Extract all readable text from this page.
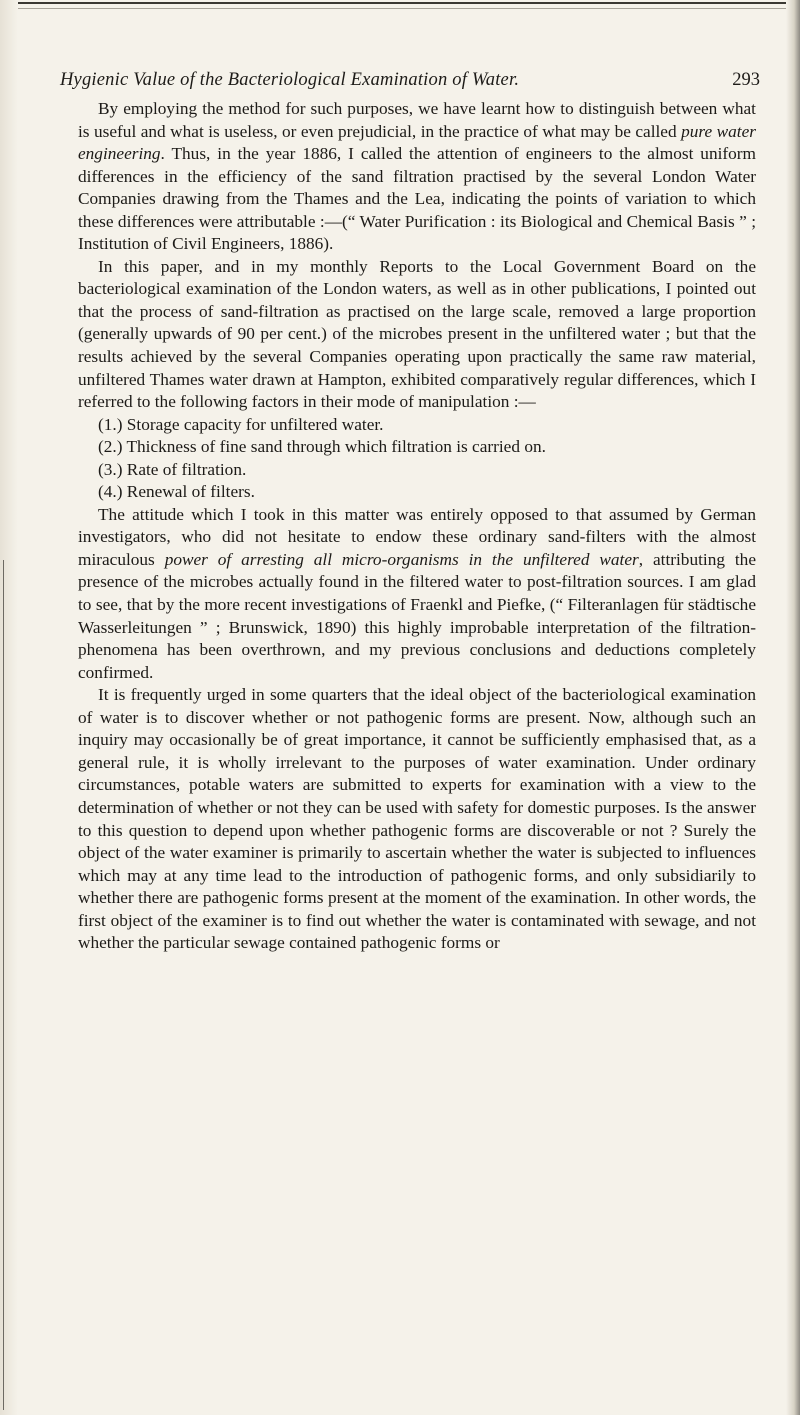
Hygienic Value of the Bacteriological Examination of Water.	293

By employing the method for such purposes, we have learnt how to distinguish between what is useful and what is useless, or even prejudicial, in the practice of what may be called pure water engineering. Thus, in the year 1886, I called the attention of engineers to the almost uniform differences in the efficiency of the sand filtration practised by the several London Water Companies drawing from the Thames and the Lea, indicating the points of variation to which these differences were attributable :—(“ Water Purification : its Biological and Chemical Basis ” ; Institution of Civil Engineers, 1886).

In this paper, and in my monthly Reports to the Local Government Board on the bacteriological examination of the London waters, as well as in other publications, I pointed out that the process of sand-filtration as practised on the large scale, removed a large proportion (generally upwards of 90 per cent.) of the microbes present in the unfiltered water ; but that the results achieved by the several Companies operating upon practically the same raw material, unfiltered Thames water drawn at Hampton, exhibited comparatively regular differences, which I referred to the following factors in their mode of manipulation :—

(1.) Storage capacity for unfiltered water.

(2.) Thickness of fine sand through which filtration is carried on.

(3.) Rate of filtration.

(4.) Renewal of filters.

The attitude which I took in this matter was entirely opposed to that assumed by German investigators, who did not hesitate to endow these ordinary sand-filters with the almost miraculous power of arresting all micro-organisms in the unfiltered water, attributing the presence of the microbes actually found in the filtered water to post-filtration sources. I am glad to see, that by the more recent investigations of Fraenkl and Piefke, (“ Filteranlagen für städtische Wasserleitungen ” ; Brunswick, 1890) this highly improbable interpretation of the filtration-phenomena has been overthrown, and my previous conclusions and deductions completely confirmed.

It is frequently urged in some quarters that the ideal object of the bacteriological examination of water is to discover whether or not pathogenic forms are present. Now, although such an inquiry may occasionally be of great importance, it cannot be sufficiently emphasised that, as a general rule, it is wholly irrelevant to the purposes of water examination. Under ordinary circumstances, potable waters are submitted to experts for examination with a view to the determination of whether or not they can be used with safety for domestic purposes. Is the answer to this question to depend upon whether pathogenic forms are discoverable or not ? Surely the object of the water examiner is primarily to ascertain whether the water is subjected to influences which may at any time lead to the introduction of pathogenic forms, and only subsidiarily to whether there are pathogenic forms present at the moment of the examination. In other words, the first object of the examiner is to find out whether the water is contaminated with sewage, and not whether the particular sewage contained pathogenic forms or
